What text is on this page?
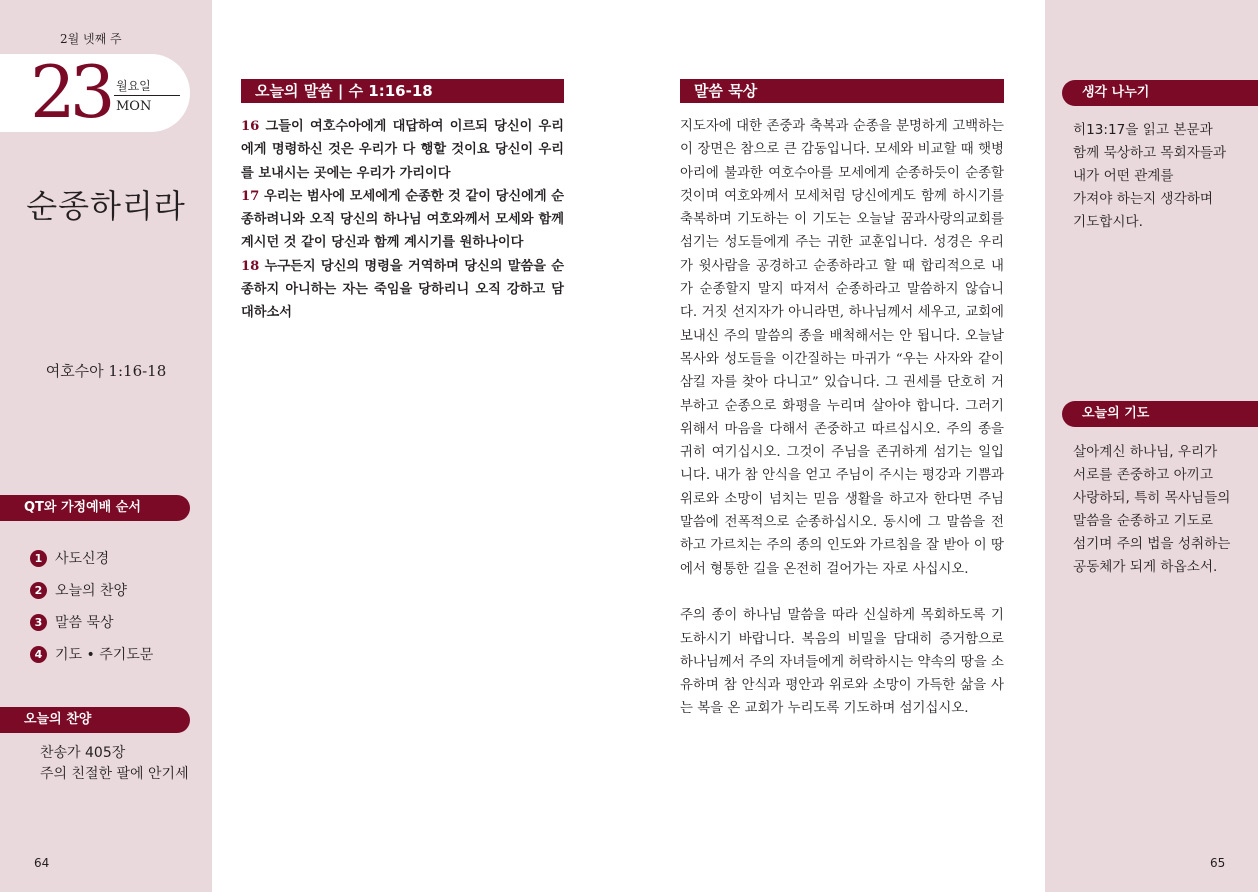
2월 넷째 주
23 월요일
MON
순종하리라
여호수아 1:16-18
QT와 가정예배 순서
1 사도신경
2 오늘의 찬양
3 말씀 묵상
4 기도 • 주기도문
오늘의 찬양
찬송가 405장
주의 친절한 팔에 안기세
64
오늘의 말씀 | 수 1:16-18
16 그들이 여호수아에게 대답하여 이르되 당신이 우리에게 명령하신 것은 우리가 다 행할 것이요 당신이 우리를 보내시는 곳에는 우리가 가리이다
17 우리는 범사에 모세에게 순종한 것 같이 당신에게 순종하려니와 오직 당신의 하나님 여호와께서 모세와 함께 계시던 것 같이 당신과 함께 계시기를 원하나이다
18 누구든지 당신의 명령을 거역하며 당신의 말씀을 순종하지 아니하는 자는 죽임을 당하리니 오직 강하고 담대하소서
말씀 묵상

지도자에 대한 존중과 축복과 순종을 분명하게 고백하는 이 장면은 참으로 큰 감동입니다. 모세와 비교할 때 햇병아리에 불과한 여호수아를 모세에게 순종하듯이 순종할 것이며 여호와께서 모세처럼 당신에게도 함께 하시기를 축복하며 기도하는 이 기도는 오늘날 꿈과사랑의교회를 섬기는 성도들에게 주는 귀한 교훈입니다. 성경은 우리가 윗사람을 공경하고 순종하라고 할 때 합리적으로 내가 순종할지 말지 따져서 순종하라고 말씀하지 않습니다. 거짓 선지자가 아니라면, 하나님께서 세우고, 교회에 보내신 주의 말씀의 종을 배척해서는 안 됩니다. 오늘날 목사와 성도들을 이간질하는 마귀가 “우는 사자와 같이 삼킬 자를 찾아 다니고” 있습니다. 그 권세를 단호히 거부하고 순종으로 화평을 누리며 살아야 합니다. 그러기 위해서 마음을 다해서 존중하고 따르십시오. 주의 종을 귀히 여기십시오. 그것이 주님을 존귀하게 섬기는 일입니다. 내가 참 안식을 얻고 주님이 주시는 평강과 기쁨과 위로와 소망이 넘치는 믿음 생활을 하고자 한다면 주님 말씀에 전폭적으로 순종하십시오. 동시에 그 말씀을 전하고 가르치는 주의 종의 인도와 가르침을 잘 받아 이 땅에서 형통한 길을 온전히 걸어가는 자로 사십시오.

주의 종이 하나님 말씀을 따라 신실하게 목회하도록 기도하시기 바랍니다. 복음의 비밀을 담대히 증거함으로 하나님께서 주의 자녀들에게 허락하시는 약속의 땅을 소유하며 참 안식과 평안과 위로와 소망이 가득한 삶을 사는 복을 온 교회가 누리도록 기도하며 섬기십시오.

생각 나누기
히13:17을 읽고 본문과
함께 묵상하고 목회자들과
내가 어떤 관계를
가져야 하는지 생각하며
기도합시다.
오늘의 기도
살아계신 하나님, 우리가
서로를 존중하고 아끼고
사랑하되, 특히 목사님들의
말씀을 순종하고 기도로
섬기며 주의 법을 성취하는
공동체가 되게 하옵소서.
65
